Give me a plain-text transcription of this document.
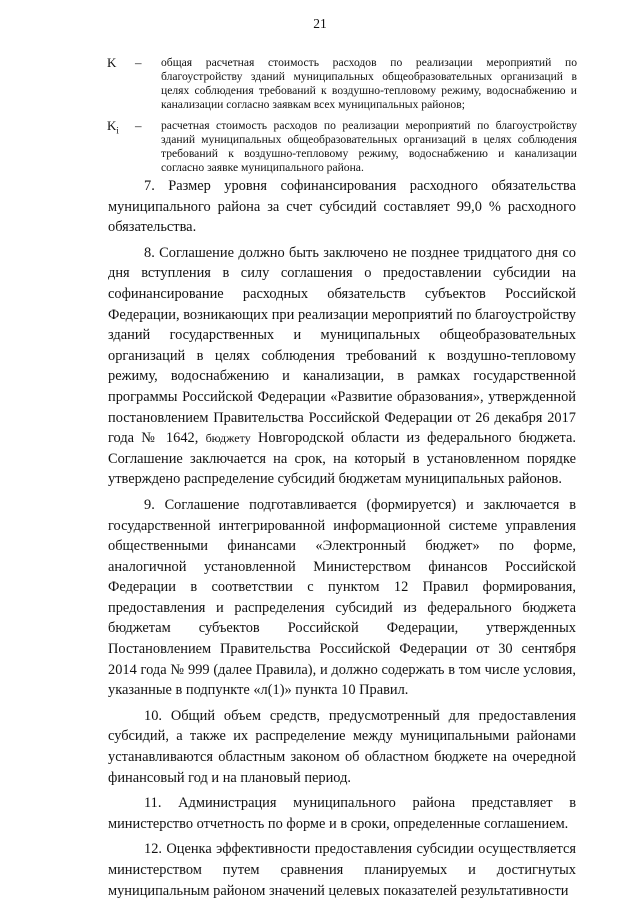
21
K	–	общая расчетная стоимость расходов по реализации мероприятий по благоустройству зданий муниципальных общеобразовательных организаций в целях соблюдения требований к воздушно-тепловому режиму, водоснабжению и канализации согласно заявкам всех муниципальных районов;
$K_i$	–	расчетная стоимость расходов по реализации мероприятий по благоустройству зданий муниципальных общеобразовательных организаций в целях соблюдения требований к воздушно-тепловому режиму, водоснабжению и канализации согласно заявке муниципального района.

7. Размер уровня софинансирования расходного обязательства муниципального района за счет субсидий составляет 99,0 % расходного обязательства.

8. Соглашение должно быть заключено не позднее тридцатого дня со дня вступления в силу соглашения о предоставлении субсидии на софинансирование расходных обязательств субъектов Российской Федерации, возникающих при реализации мероприятий по благоустройству зданий государственных и муниципальных общеобразовательных организаций в целях соблюдения требований к воздушно-тепловому режиму, водоснабжению и канализации, в рамках государственной программы Российской Федерации «Развитие образования», утвержденной постановлением Правительства Российской Федерации от 26 декабря 2017 года № 1642, бюджету Новгородской области из федерального бюджета. Соглашение заключается на срок, на который в установленном порядке утверждено распределение субсидий бюджетам муниципальных районов.

9. Соглашение подготавливается (формируется) и заключается в государственной интегрированной информационной системе управления общественными финансами «Электронный бюджет» по форме, аналогичной установленной Министерством финансов Российской Федерации в соответствии с пунктом 12 Правил формирования, предоставления и распределения субсидий из федерального бюджета бюджетам субъектов Российской Федерации, утвержденных Постановлением Правительства Российской Федерации от 30 сентября 2014 года № 999 (далее Правила), и должно содержать в том числе условия, указанные в подпункте «л(1)» пункта 10 Правил.

10. Общий объем средств, предусмотренный для предоставления субсидий, а также их распределение между муниципальными районами устанавливаются областным законом об областном бюджете на очередной финансовый год и на плановый период.

11. Администрация муниципального района представляет в министерство отчетность по форме и в сроки, определенные соглашением.

12. Оценка эффективности предоставления субсидии осуществляется министерством путем сравнения планируемых и достигнутых муниципальным районом значений целевых показателей результативности
